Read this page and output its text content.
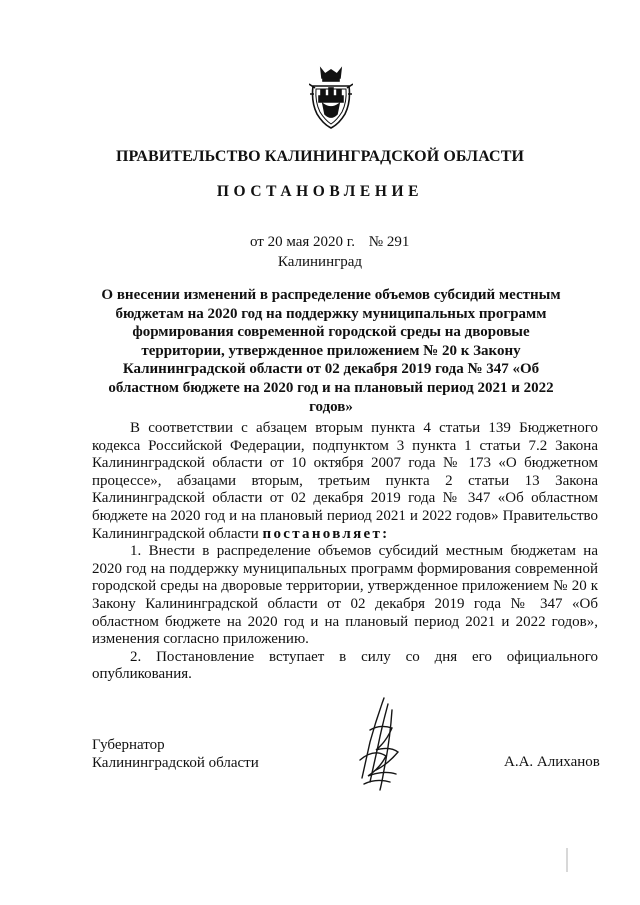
ПРАВИТЕЛЬСТВО КАЛИНИНГРАДСКОЙ ОБЛАСТИ
ПОСТАНОВЛЕНИЕ
от 20 мая 2020 г. № 291
Калининград
О внесении изменений в распределение объемов субсидий местным бюджетам на 2020 год на поддержку муниципальных программ формирования современной городской среды на дворовые территории, утвержденное приложением № 20 к Закону Калининградской области от 02 декабря 2019 года № 347 «Об областном бюджете на 2020 год и на плановый период 2021 и 2022 годов»

В соответствии с абзацем вторым пункта 4 статьи 139 Бюджетного кодекса Российской Федерации, подпунктом 3 пункта 1 статьи 7.2 Закона Калининградской области от 10 октября 2007 года № 173 «О бюджетном процессе», абзацами вторым, третьим пункта 2 статьи 13 Закона Калининградской области от 02 декабря 2019 года № 347 «Об областном бюджете на 2020 год и на плановый период 2021 и 2022 годов» Правительство Калининградской области постановляет:

1. Внести в распределение объемов субсидий местным бюджетам на 2020 год на поддержку муниципальных программ формирования современной городской среды на дворовые территории, утвержденное приложением № 20 к Закону Калининградской области от 02 декабря 2019 года № 347 «Об областном бюджете на 2020 год и на плановый период 2021 и 2022 годов», изменения согласно приложению.

2. Постановление вступает в силу со дня его официального опубликования.

Губернатор
Калининградской области	А.А. Алиханов
